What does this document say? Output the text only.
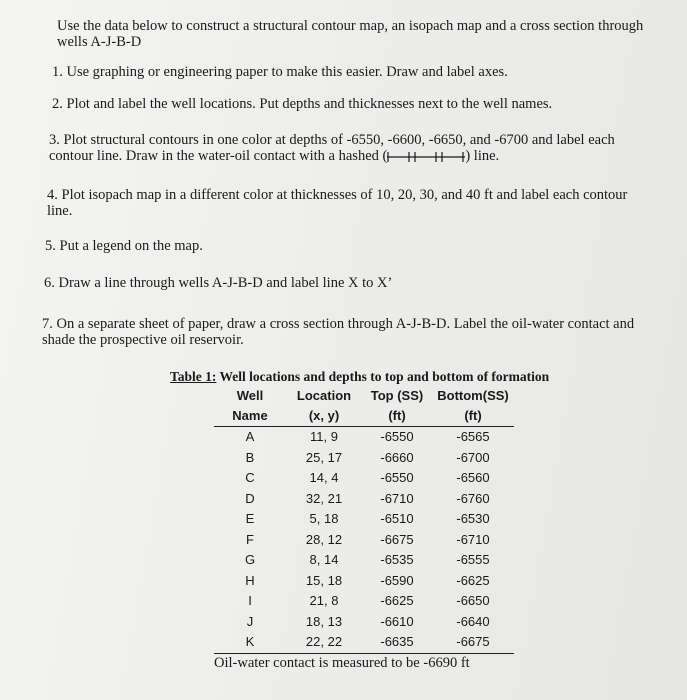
Use the data below to construct a structural contour map, an isopach map and a cross section through wells A-J-B-D
1. Use graphing or engineering paper to make this easier. Draw and label axes.
2. Plot and label the well locations. Put depths and thicknesses next to the well names.
3. Plot structural contours in one color at depths of -6550, -6600, -6650, and -6700 and label each contour line. Draw in the water-oil contact with a hashed (	) line.
4. Plot isopach map in a different color at thicknesses of 10, 20, 30, and 40 ft and label each contour line.
5. Put a legend on the map.
6. Draw a line through wells A-J-B-D and label line X to X’
7. On a separate sheet of paper, draw a cross section through A-J-B-D. Label the oil-water contact and shade the prospective oil reservoir.
Table 1: Well locations and depths to top and bottom of formation
Well	Location	Top (SS)	Bottom(SS)
Name	(x, y)	(ft)	(ft)
A	11, 9	-6550	-6565
B	25, 17	-6660	-6700
C	14, 4	-6550	-6560
D	32, 21	-6710	-6760
E	5, 18	-6510	-6530
F	28, 12	-6675	-6710
G	8, 14	-6535	-6555
H	15, 18	-6590	-6625
I	21, 8	-6625	-6650
J	18, 13	-6610	-6640
K	22, 22	-6635	-6675
Oil-water contact is measured to be -6690 ft
